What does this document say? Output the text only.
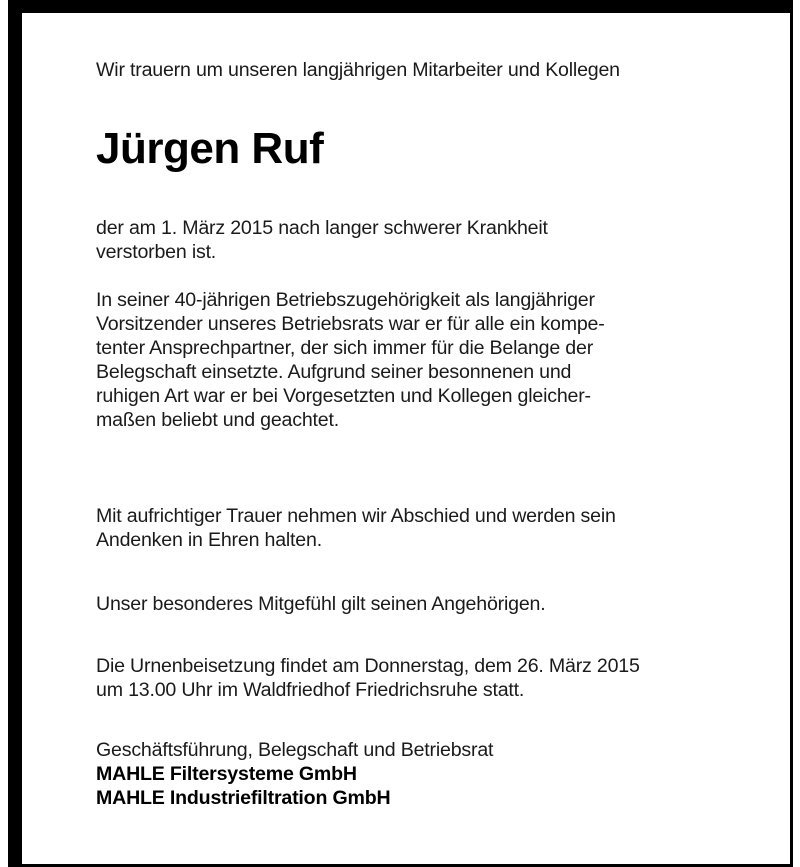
Wir trauern um unseren langjährigen Mitarbeiter und Kollegen

Jürgen Ruf

der am 1. März 2015 nach langer schwerer Krankheit
verstorben ist.

In seiner 40-jährigen Betriebszugehörigkeit als langjähriger
Vorsitzender unseres Betriebsrats war er für alle ein kompe-
tenter Ansprechpartner, der sich immer für die Belange der
Belegschaft einsetzte. Aufgrund seiner besonnenen und
ruhigen Art war er bei Vorgesetzten und Kollegen gleicher-
maßen beliebt und geachtet.

Mit aufrichtiger Trauer nehmen wir Abschied und werden sein
Andenken in Ehren halten.

Unser besonderes Mitgefühl gilt seinen Angehörigen.

Die Urnenbeisetzung findet am Donnerstag, dem 26. März 2015
um 13.00 Uhr im Waldfriedhof Friedrichsruhe statt.

Geschäftsführung, Belegschaft und Betriebsrat
MAHLE Filtersysteme GmbH
MAHLE Industriefiltration GmbH
